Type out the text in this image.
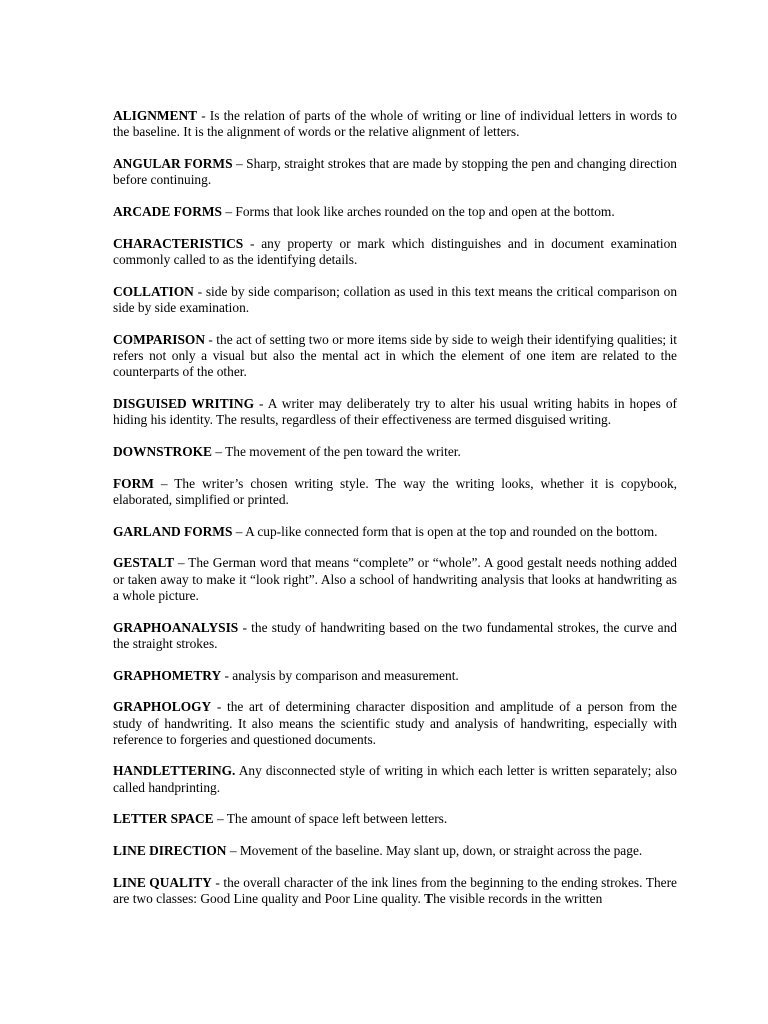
ALIGNMENT - Is the relation of parts of the whole of writing or line of individual letters in words to the baseline. It is the alignment of words or the relative alignment of letters.

ANGULAR FORMS – Sharp, straight strokes that are made by stopping the pen and changing direction before continuing.

ARCADE FORMS – Forms that look like arches rounded on the top and open at the bottom.

CHARACTERISTICS - any property or mark which distinguishes and in document examination commonly called to as the identifying details.

COLLATION - side by side comparison; collation as used in this text means the critical comparison on side by side examination.

COMPARISON - the act of setting two or more items side by side to weigh their identifying qualities; it refers not only a visual but also the mental act in which the element of one item are related to the counterparts of the other.

DISGUISED WRITING - A writer may deliberately try to alter his usual writing habits in hopes of hiding his identity. The results, regardless of their effectiveness are termed disguised writing.

DOWNSTROKE – The movement of the pen toward the writer.

FORM – The writer’s chosen writing style. The way the writing looks, whether it is copybook, elaborated, simplified or printed.

GARLAND FORMS – A cup-like connected form that is open at the top and rounded on the bottom.

GESTALT – The German word that means “complete” or “whole”. A good gestalt needs nothing added or taken away to make it “look right”. Also a school of handwriting analysis that looks at handwriting as a whole picture.

GRAPHOANALYSIS - the study of handwriting based on the two fundamental strokes, the curve and the straight strokes.

GRAPHOMETRY - analysis by comparison and measurement.

GRAPHOLOGY - the art of determining character disposition and amplitude of a person from the study of handwriting. It also means the scientific study and analysis of handwriting, especially with reference to forgeries and questioned documents.

HANDLETTERING. Any disconnected style of writing in which each letter is written separately; also called handprinting.

LETTER SPACE – The amount of space left between letters.

LINE DIRECTION – Movement of the baseline. May slant up, down, or straight across the page.

LINE QUALITY - the overall character of the ink lines from the beginning to the ending strokes. There are two classes: Good Line quality and Poor Line quality. The visible records in the written
